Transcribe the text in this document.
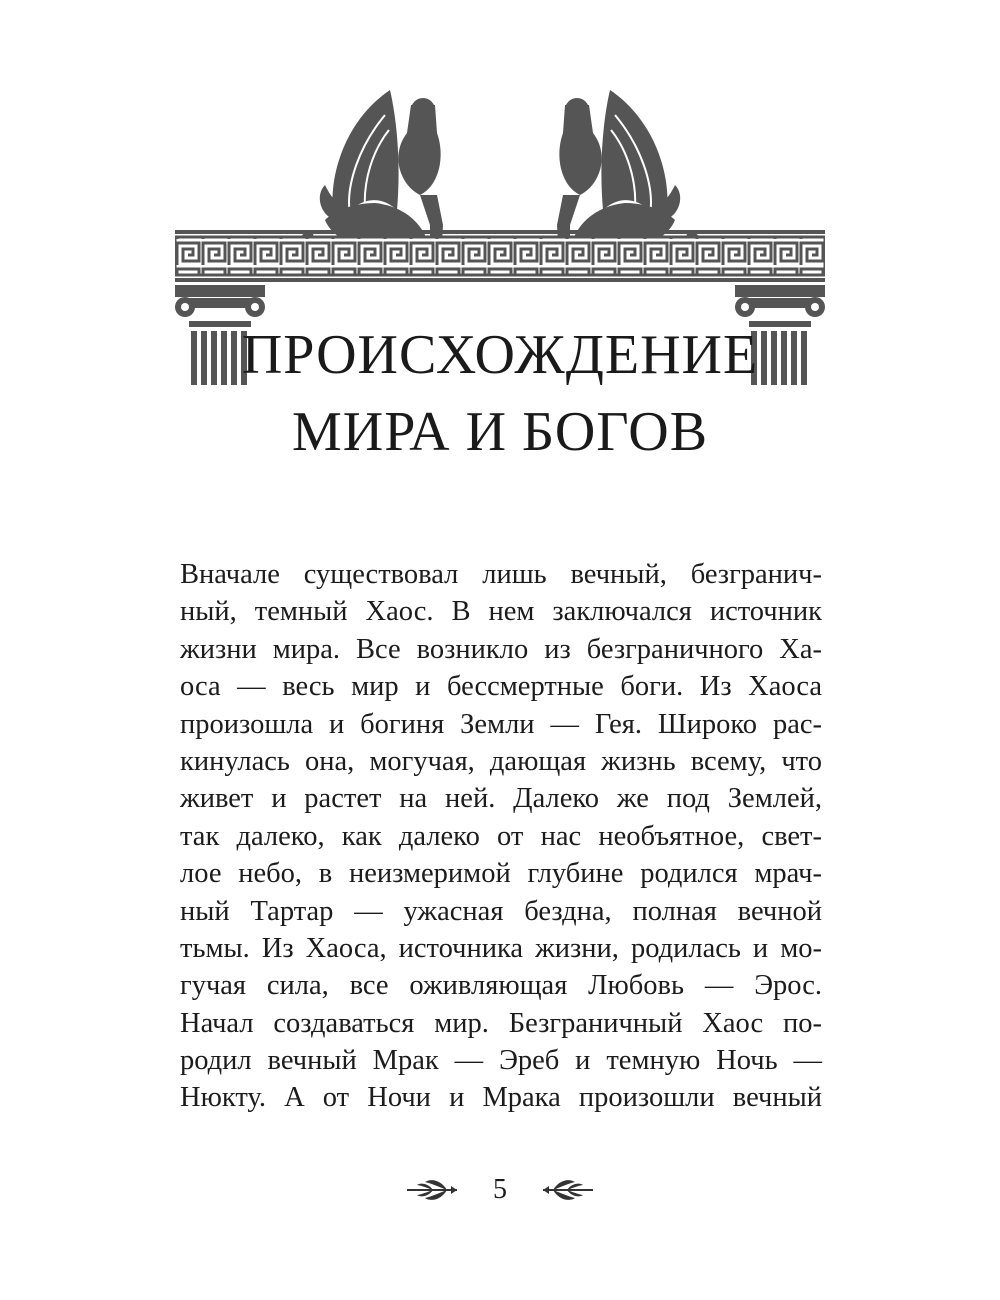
ПРОИСХОЖДЕНИЕ
МИРА И БОГОВ
Вначале существовал лишь вечный, безгранич-
ный, темный Хаос. В нем заключался источник
жизни мира. Все возникло из безграничного Ха-
оса — весь мир и бессмертные боги. Из Хаоса
произошла и богиня Земли — Гея. Широко рас-
кинулась она, могучая, дающая жизнь всему, что
живет и растет на ней. Далеко же под Землей,
так далеко, как далеко от нас необъятное, свет-
лое небо, в неизмеримой глубине родился мрач-
ный Тартар — ужасная бездна, полная вечной
тьмы. Из Хаоса, источника жизни, родилась и мо-
гучая сила, все оживляющая Любовь — Эрос.
Начал создаваться мир. Безграничный Хаос по-
родил вечный Мрак — Эреб и темную Ночь —
Нюкту. А от Ночи и Мрака произошли вечный
5
